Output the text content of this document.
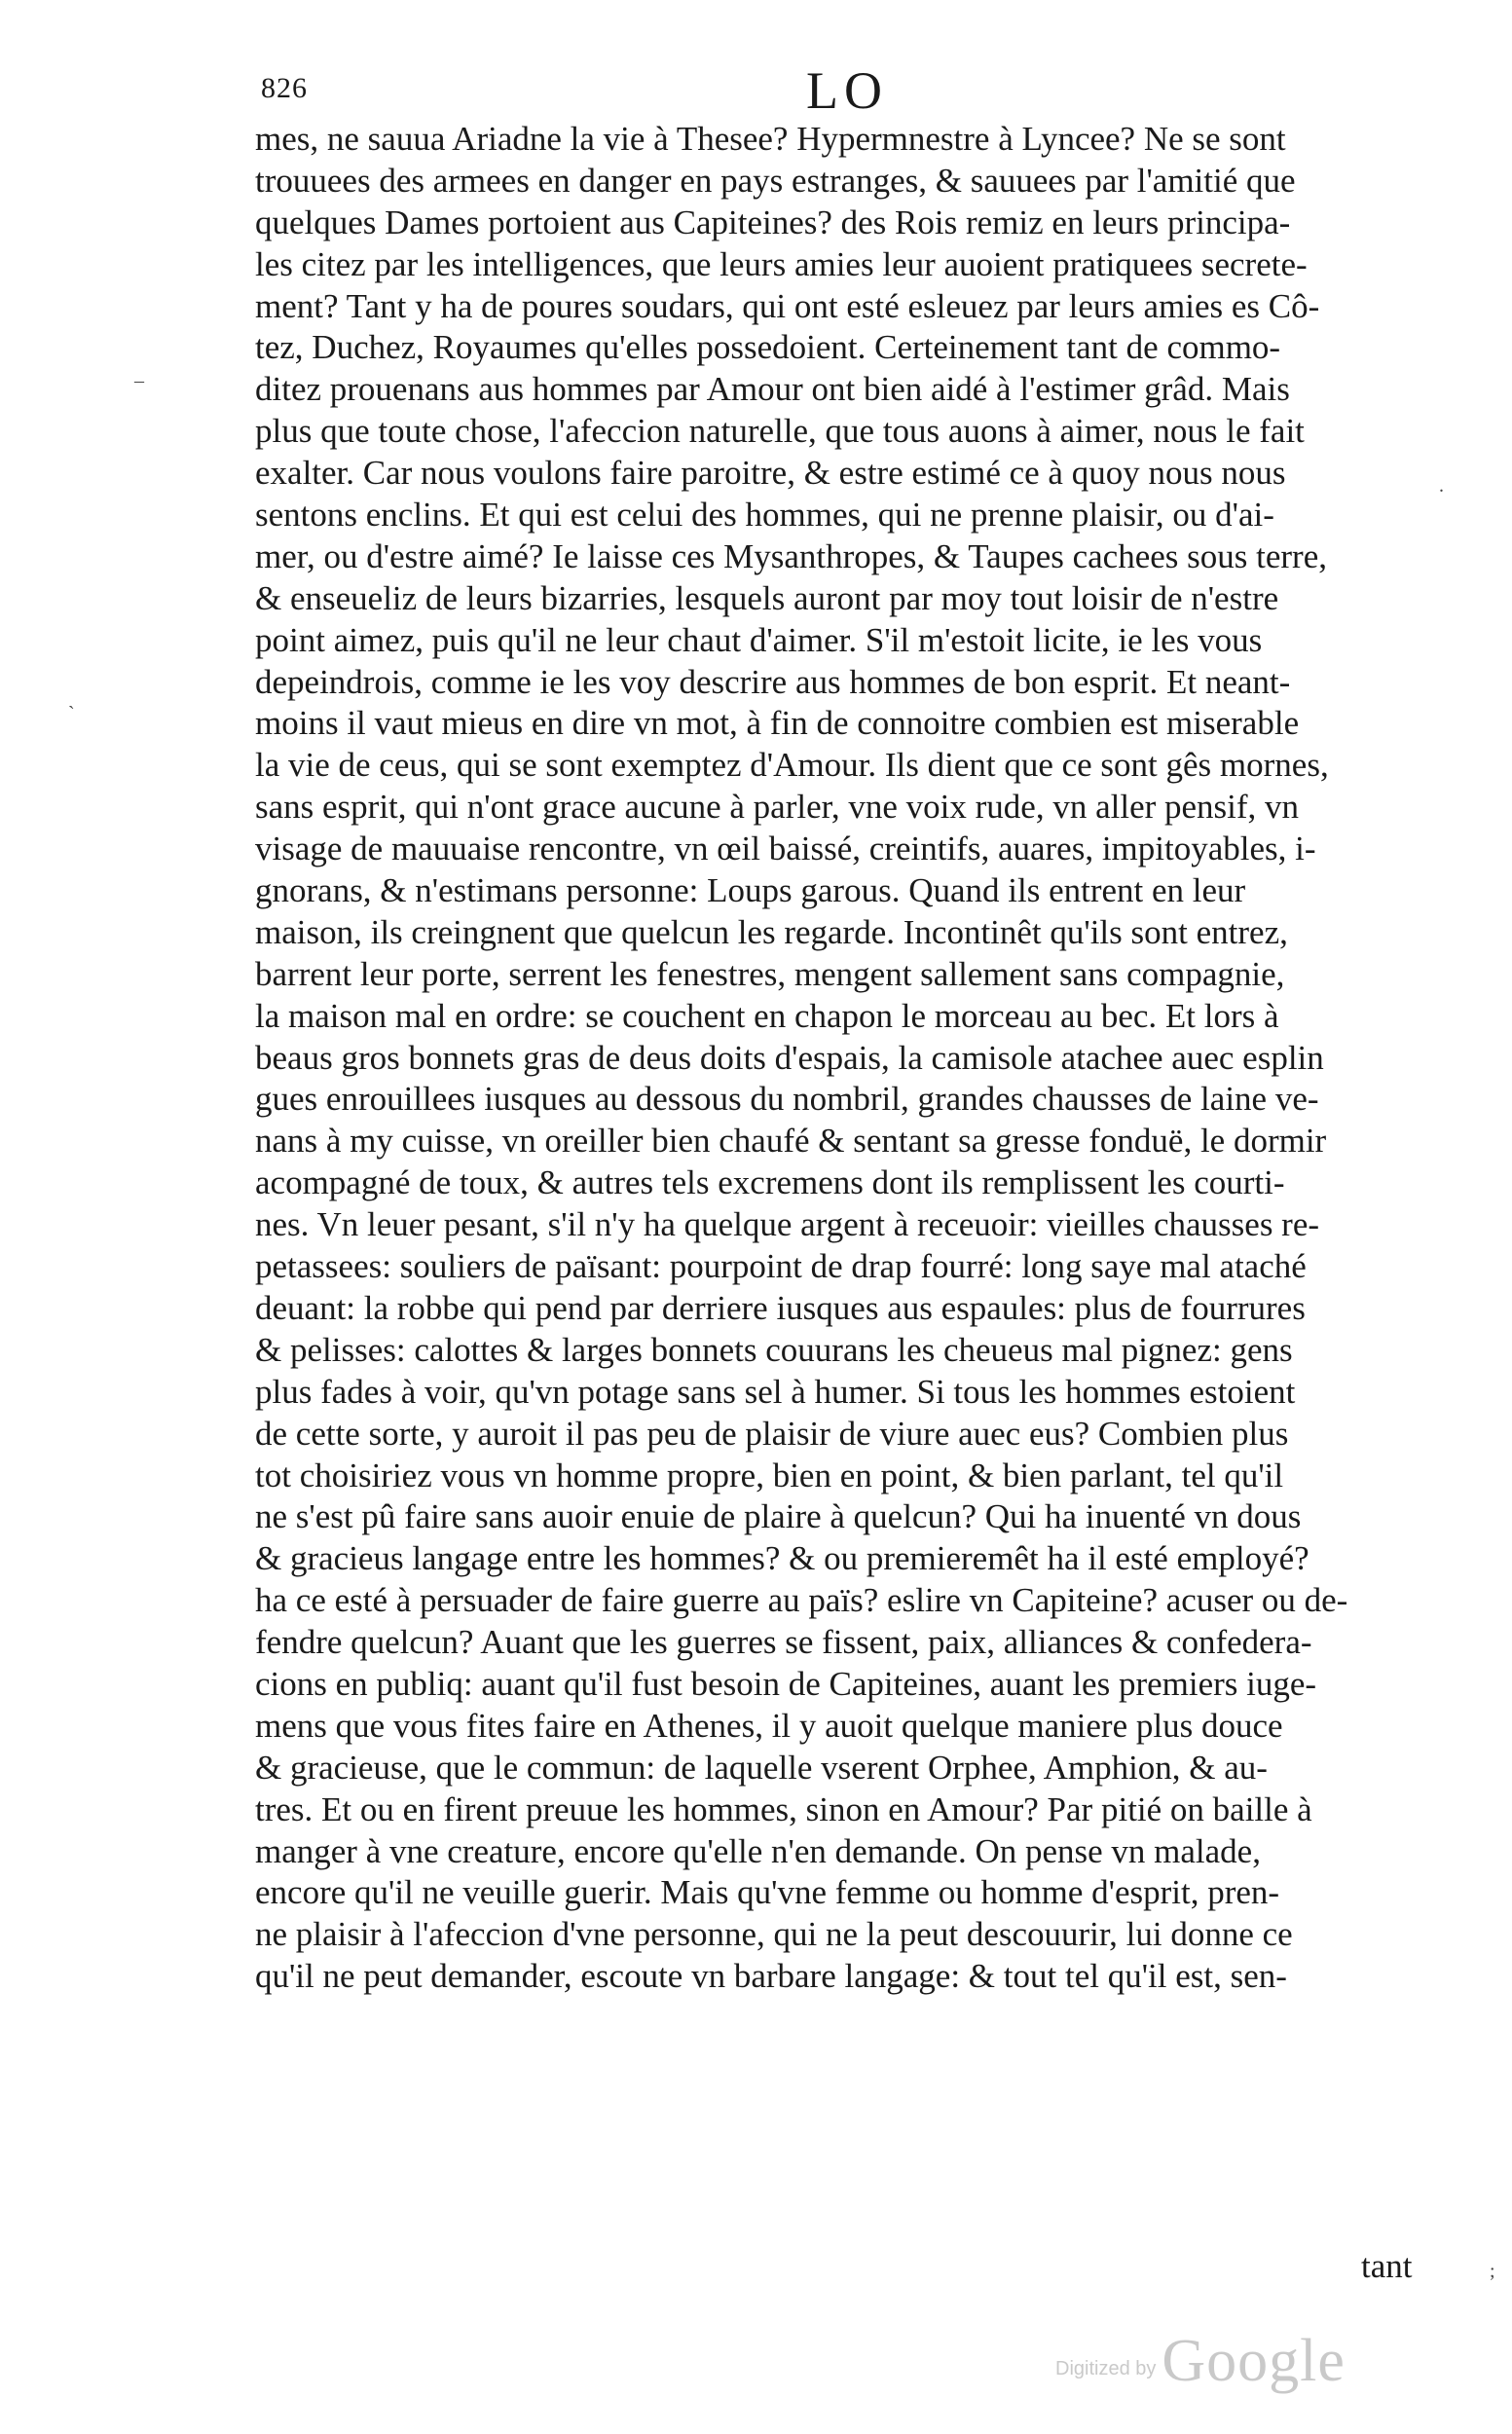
826	LO
mes, ne sauua Ariadne la vie à Thesee? Hypermnestre à Lyncee? Ne se sont
trouuees des armees en danger en pays estranges, & sauuees par l'amitié que
quelques Dames portoient aus Capiteines? des Rois remiz en leurs principa-
les citez par les intelligences, que leurs amies leur auoient pratiquees secrete-
ment? Tant y ha de poures soudars, qui ont esté esleuez par leurs amies es Cô-
tez, Duchez, Royaumes qu'elles possedoient. Certeinement tant de commo-
ditez prouenans aus hommes par Amour ont bien aidé à l'estimer grâd. Mais
plus que toute chose, l'afeccion naturelle, que tous auons à aimer, nous le fait
exalter. Car nous voulons faire paroitre, & estre estimé ce à quoy nous nous
sentons enclins. Et qui est celui des hommes, qui ne prenne plaisir, ou d'ai-
mer, ou d'estre aimé? Ie laisse ces Mysanthropes, & Taupes cachees sous terre,
& enseueliz de leurs bizarries, lesquels auront par moy tout loisir de n'estre
point aimez, puis qu'il ne leur chaut d'aimer. S'il m'estoit licite, ie les vous
depeindrois, comme ie les voy descrire aus hommes de bon esprit. Et neant-
moins il vaut mieus en dire vn mot, à fin de connoitre combien est miserable
la vie de ceus, qui se sont exemptez d'Amour. Ils dient que ce sont gês mornes,
sans esprit, qui n'ont grace aucune à parler, vne voix rude, vn aller pensif, vn
visage de mauuaise rencontre, vn œil baissé, creintifs, auares, impitoyables, i-
gnorans, & n'estimans personne: Loups garous. Quand ils entrent en leur
maison, ils creingnent que quelcun les regarde. Incontinêt qu'ils sont entrez,
barrent leur porte, serrent les fenestres, mengent sallement sans compagnie,
la maison mal en ordre: se couchent en chapon le morceau au bec. Et lors à
beaus gros bonnets gras de deus doits d'espais, la camisole atachee auec esplin
gues enrouillees iusques au dessous du nombril, grandes chausses de laine ve-
nans à my cuisse, vn oreiller bien chaufé & sentant sa gresse fonduë, le dormir
acompagné de toux, & autres tels excremens dont ils remplissent les courti-
nes. Vn leuer pesant, s'il n'y ha quelque argent à receuoir: vieilles chausses re-
petassees: souliers de païsant: pourpoint de drap fourré: long saye mal ataché
deuant: la robbe qui pend par derriere iusques aus espaules: plus de fourrures
& pelisses: calottes & larges bonnets couurans les cheueus mal pignez: gens
plus fades à voir, qu'vn potage sans sel à humer. Si tous les hommes estoient
de cette sorte, y auroit il pas peu de plaisir de viure auec eus? Combien plus
tot choisiriez vous vn homme propre, bien en point, & bien parlant, tel qu'il
ne s'est pû faire sans auoir enuie de plaire à quelcun? Qui ha inuenté vn dous
& gracieus langage entre les hommes? & ou premieremêt ha il esté employé?
ha ce esté à persuader de faire guerre au païs? eslire vn Capiteine? acuser ou de-
fendre quelcun? Auant que les guerres se fissent, paix, alliances & confedera-
cions en publiq: auant qu'il fust besoin de Capiteines, auant les premiers iuge-
mens que vous fites faire en Athenes, il y auoit quelque maniere plus douce
& gracieuse, que le commun: de laquelle vserent Orphee, Amphion, & au-
tres. Et ou en firent preuue les hommes, sinon en Amour? Par pitié on baille à
manger à vne creature, encore qu'elle n'en demande. On pense vn malade,
encore qu'il ne veuille guerir. Mais qu'vne femme ou homme d'esprit, pren-
ne plaisir à l'afeccion d'vne personne, qui ne la peut descouurir, lui donne ce
qu'il ne peut demander, escoute vn barbare langage: & tout tel qu'il est, sen-
tant
–
ˋ
.
;
Digitized byGoogle
